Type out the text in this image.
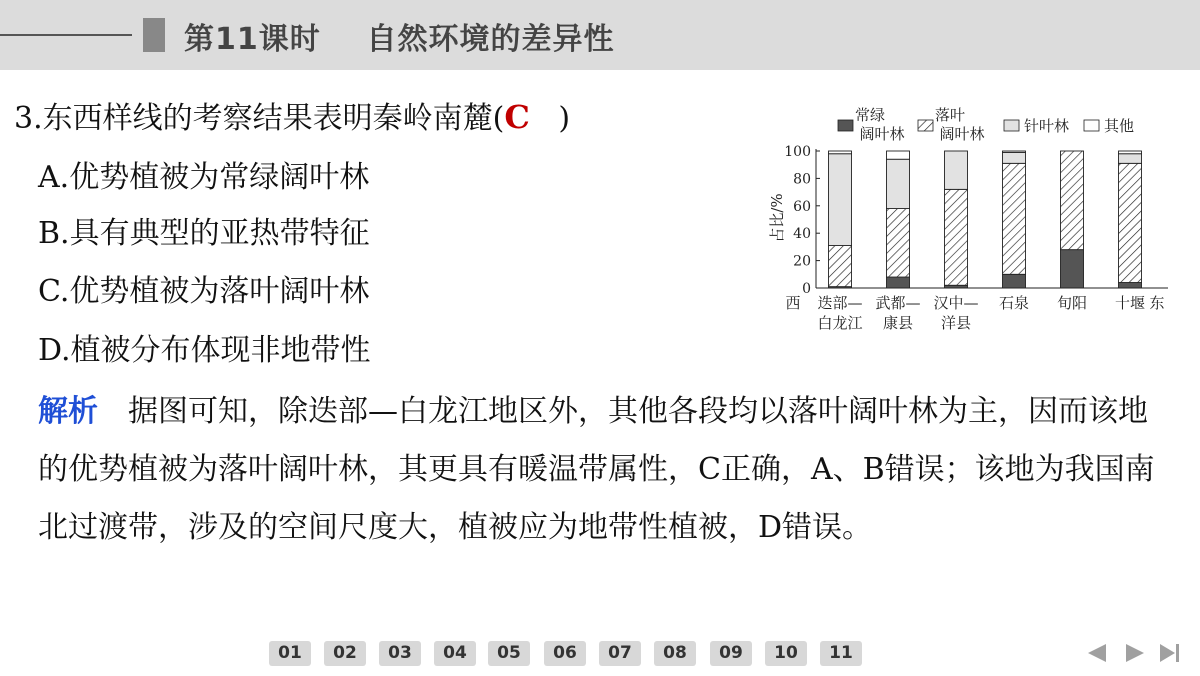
第11课时    自然环境的差异性
3.东西样线的考察结果表明秦岭南麓(C )
A.优势植被为常绿阔叶林
B.具有典型的亚热带特征
C.优势植被为落叶阔叶林
D.植被分布体现非地带性
解析 据图可知，除迭部—白龙江地区外，其他各段均以落叶阔叶林为主，因而该地的优势植被为落叶阔叶林，其更具有暖温带属性，C正确，A、B错误；该地为我国南北过渡带，涉及的空间尺度大，植被应为地带性植被，D错误。
常绿
阔叶林
落叶
阔叶林	针叶林 其他
占比/%
0
20
40
60
80
100
迭部—
白龙江
武都—
康县
汉中—
洋县
石泉 旬阳 十堰
西	东
01	02	03	04	05	06	07	08	09	10	11
